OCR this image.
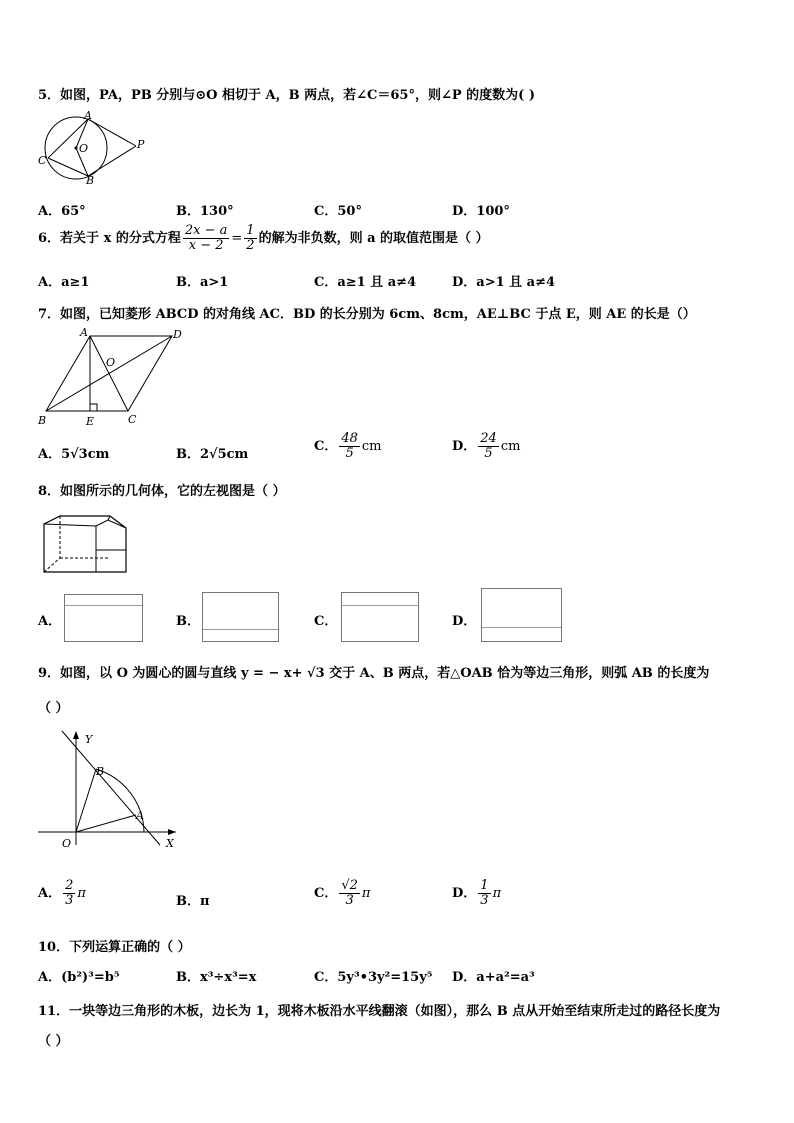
5．如图，PA，PB 分别与⊙O 相切于 A，B 两点，若∠C＝65°，则∠P 的度数为( )
A
O	P
C
B
A．65°	B．130°	C．50°	D．100°
6．若关于 x 的分式方程 $\frac{2x - a}{x - 2} = \frac{1}{2}$ 的解为非负数，则 a 的取值范围是（ ）
A．a≥1	B．a>1	C．a≥1 且 a≠4	D．a>1 且 a≠4
7．如图，已知菱形 ABCD 的对角线 AC．BD 的长分别为 6cm、8cm，AE⊥BC 于点 E，则 AE 的长是（）
A	D
O
B	E	C
A．5√3cm	B．2√5cm
C． $\frac{48}{5}$ cm	D． $\frac{24}{5}$ cm
8．如图所示的几何体，它的左视图是（ ）
A．	B．	C．	D．
9．如图，以 O 为圆心的圆与直线 y = − x+ √3 交于 A、B 两点，若△OAB 恰为等边三角形，则弧 AB 的长度为
（ ）
Y
B
A
O	X
A． $\frac{2}{3}$ π
B．π
C． $\frac{√2}{3}$ π	D． $\frac{1}{3}$ π
10．下列运算正确的（ ）
A．(b²)³=b⁵	B．x³÷x³=x	C．5y³•3y²=15y⁵ D．a+a²=a³
11．一块等边三角形的木板，边长为 1，现将木板沿水平线翻滚（如图），那么 B 点从开始至结束所走过的路径长度为
（ ）
